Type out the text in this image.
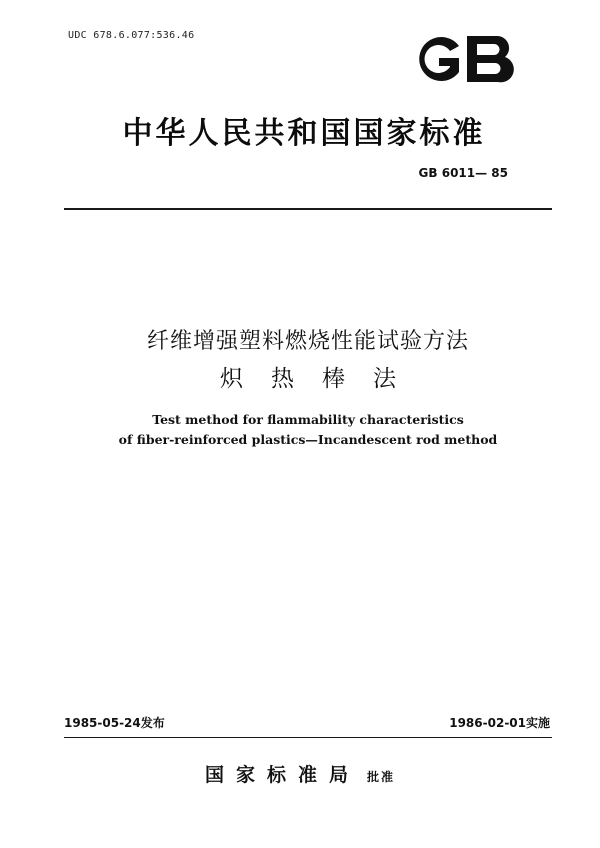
UDC 678.6.077:536.46
中华人民共和国国家标准
GB 6011— 85
纤维增强塑料燃烧性能试验方法
炽热棒法
Test method for flammability characteristics
of fiber-reinforced plastics—Incandescent rod method
1985-05-24发布	1986-02-01实施
国家标准局 批准
